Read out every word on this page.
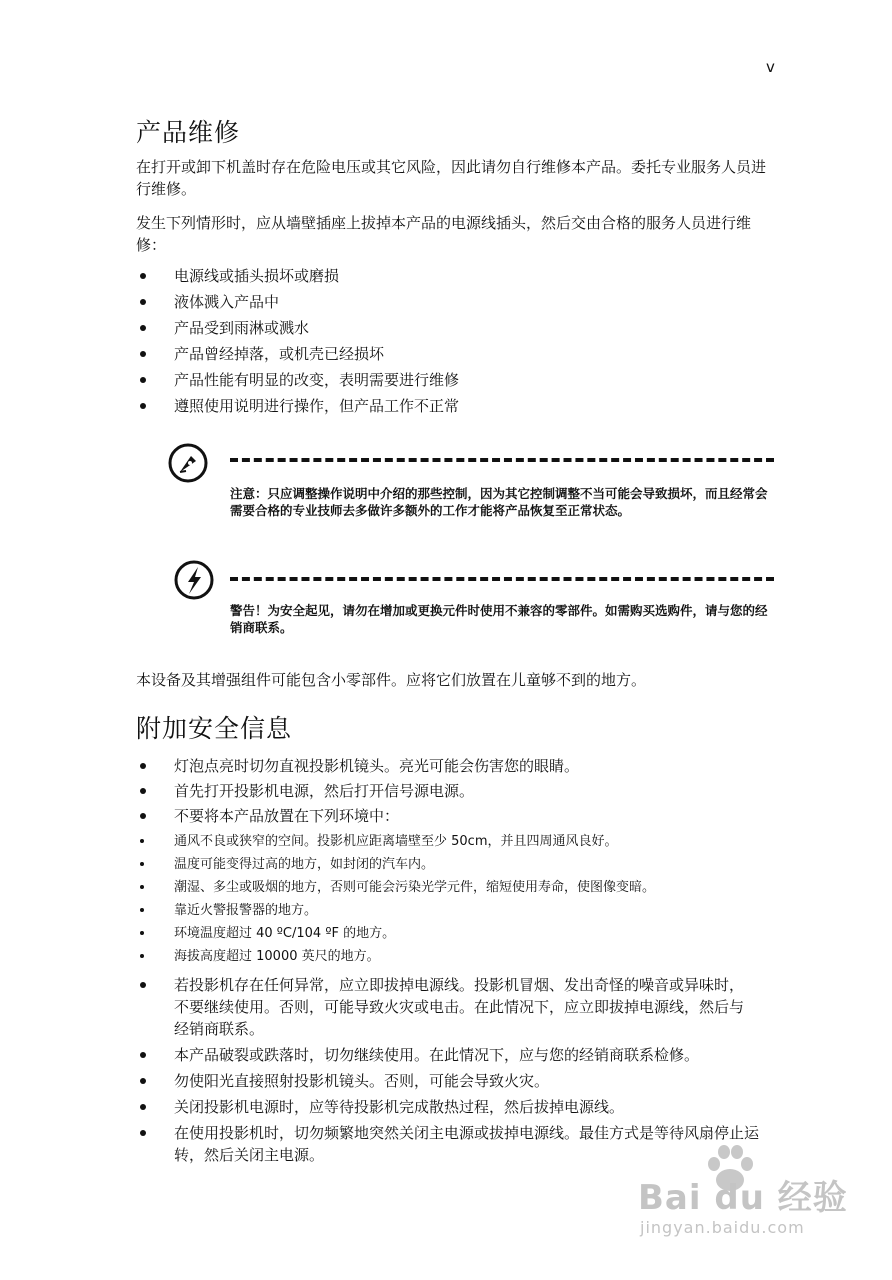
v
产品维修

在打开或卸下机盖时存在危险电压或其它风险，因此请勿自行维修本产品。委托专业服务人员进行维修。

发生下列情形时，应从墙壁插座上拔掉本产品的电源线插头，然后交由合格的服务人员进行维修：

电源线或插头损坏或磨损
液体溅入产品中
产品受到雨淋或溅水
产品曾经掉落，或机壳已经损坏
产品性能有明显的改变，表明需要进行维修
遵照使用说明进行操作，但产品工作不正常

注意：只应调整操作说明中介绍的那些控制，因为其它控制调整不当可能会导致损坏，而且经常会需要合格的专业技师去多做许多额外的工作才能将产品恢复至正常状态。

警告！为安全起见，请勿在增加或更换元件时使用不兼容的零部件。如需购买选购件，请与您的经销商联系。

本设备及其增强组件可能包含小零部件。应将它们放置在儿童够不到的地方。

附加安全信息
灯泡点亮时切勿直视投影机镜头。亮光可能会伤害您的眼睛。
首先打开投影机电源，然后打开信号源电源。
不要将本产品放置在下列环境中：
通风不良或狭窄的空间。投影机应距离墙壁至少 50cm，并且四周通风良好。
温度可能变得过高的地方，如封闭的汽车内。
潮湿、多尘或吸烟的地方，否则可能会污染光学元件，缩短使用寿命，使图像变暗。
靠近火警报警器的地方。
环境温度超过 40 ºC/104 ºF 的地方。
海拔高度超过 10000 英尺的地方。
若投影机存在任何异常，应立即拔掉电源线。投影机冒烟、发出奇怪的噪音或异味时，不要继续使用。否则，可能导致火灾或电击。在此情况下，应立即拔掉电源线，然后与经销商联系。
本产品破裂或跌落时，切勿继续使用。在此情况下，应与您的经销商联系检修。
勿使阳光直接照射投影机镜头。否则，可能会导致火灾。
关闭投影机电源时，应等待投影机完成散热过程，然后拔掉电源线。
在使用投影机时，切勿频繁地突然关闭主电源或拔掉电源线。最佳方式是等待风扇停止运转，然后关闭主电源。
Bai du 经验
jingyan.baidu.com
